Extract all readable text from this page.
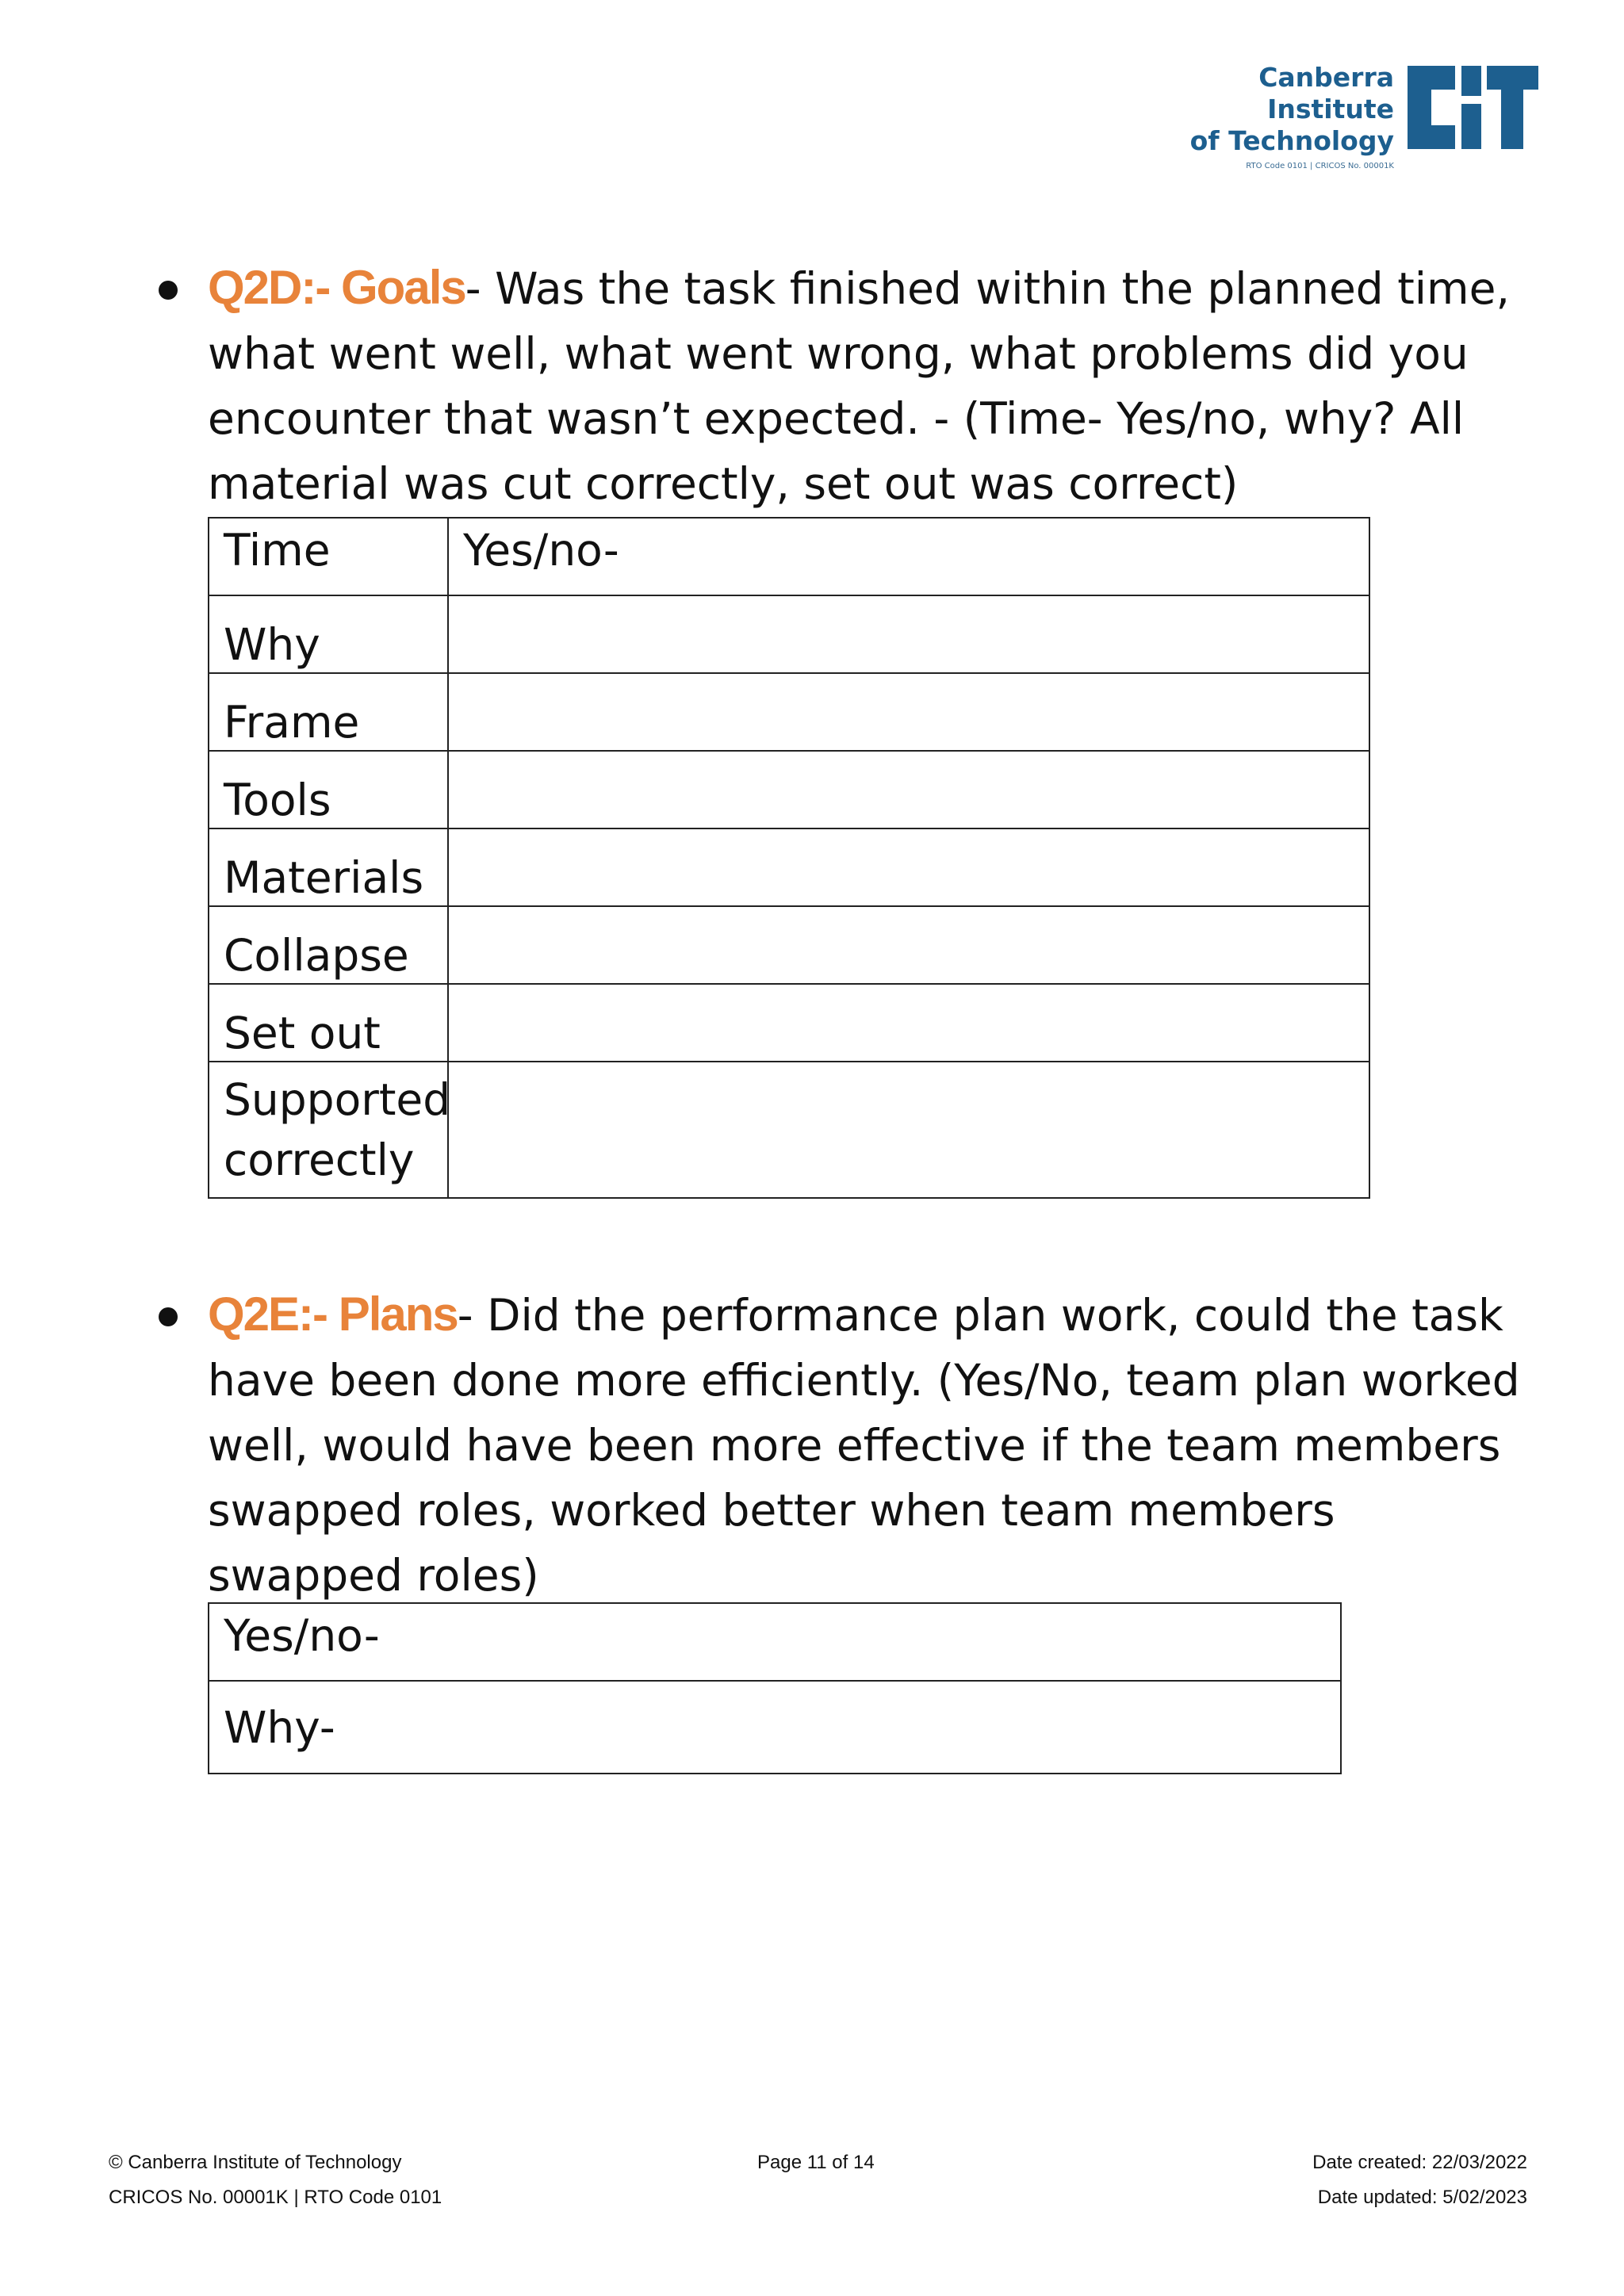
Canberra Institute
of Technology
RTO Code 0101 | CRICOS No. 00001K
Q2D:- Goals- Was the task finished within the planned time, what went well, what went wrong, what problems did you encounter that wasn’t expected. - (Time- Yes/no, why? All material was cut correctly, set out was correct)
Time	Yes/no-
Why	
Frame	
Tools	
Materials	
Collapse	
Set out	
Supported correctly	
Q2E:- Plans- Did the performance plan work, could the task have been done more efficiently. (Yes/No, team plan worked well, would have been more effective if the team members swapped roles, worked better when team members swapped roles)
Yes/no-
Why-
© Canberra Institute of Technology
CRICOS No. 00001K | RTO Code 0101
Page 11 of 14	Date created: 22/03/2022
Date updated: 5/02/2023
